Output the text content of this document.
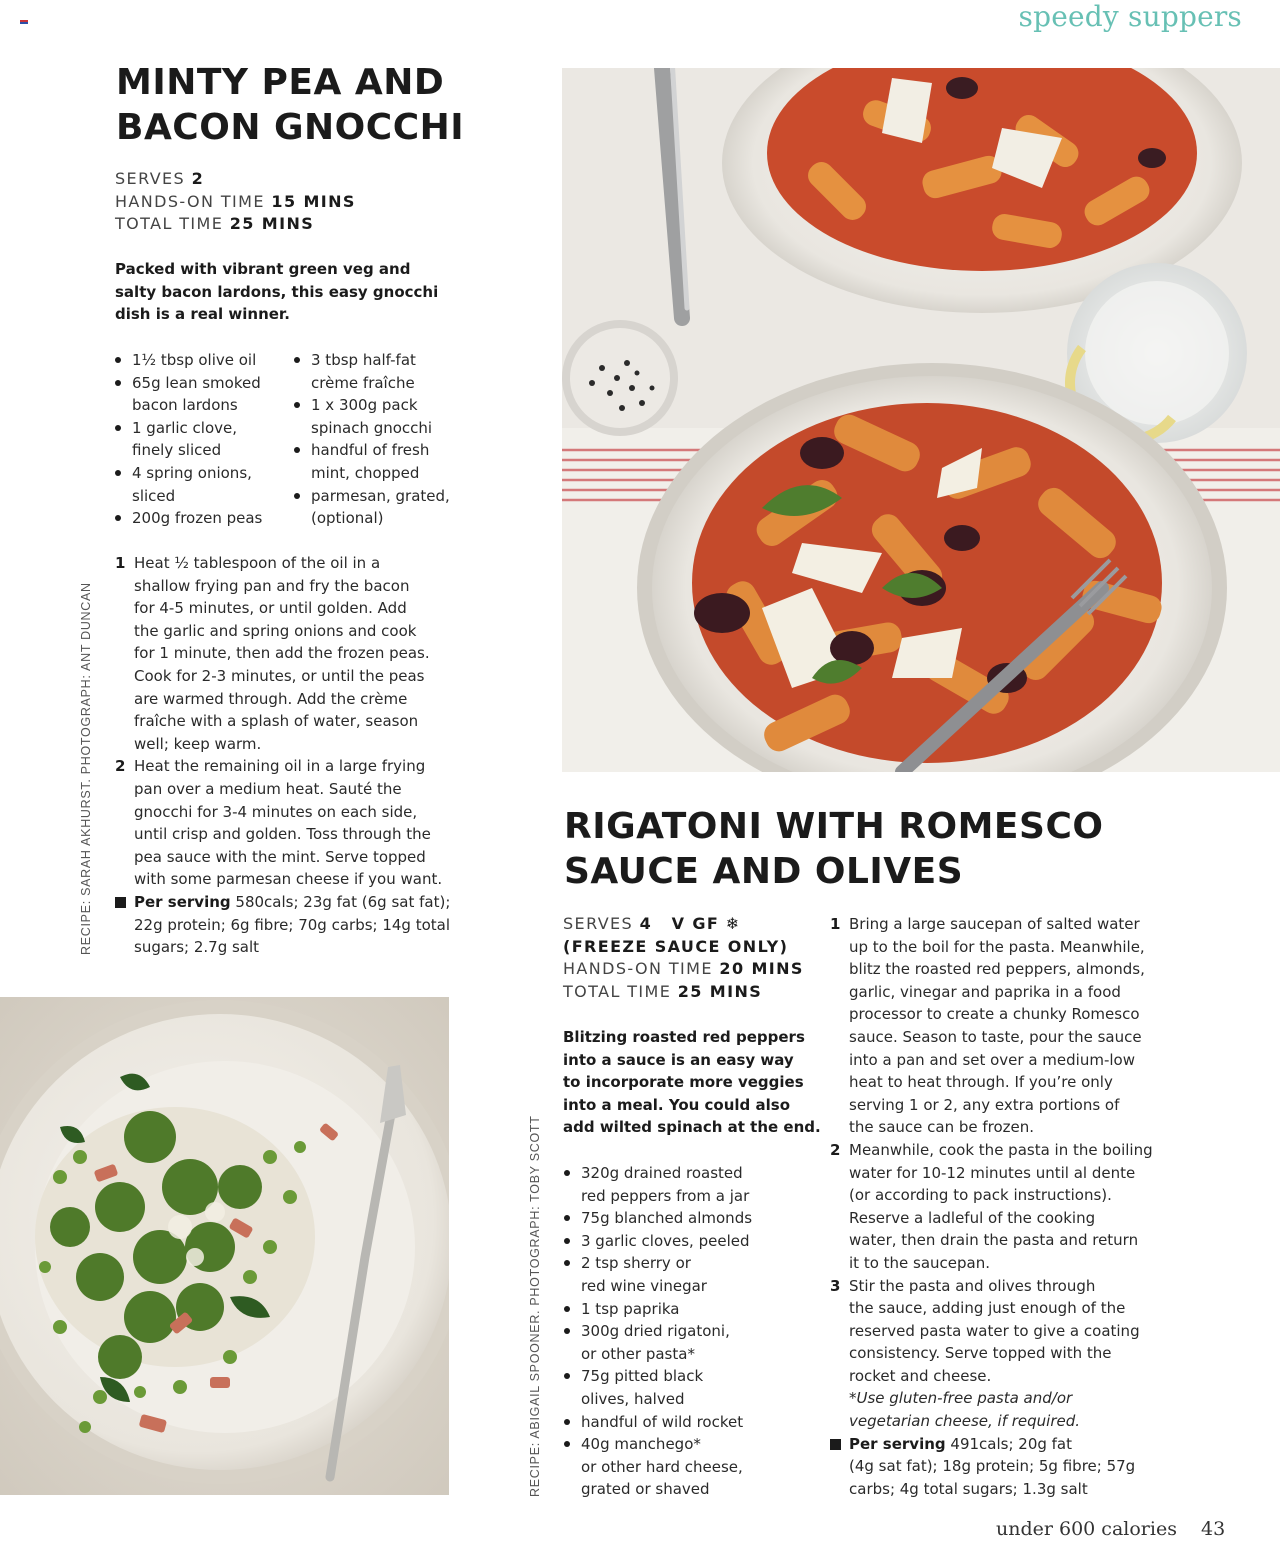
speedy suppers
MINTY PEA AND
BACON GNOCCHI
SERVES 2
HANDS-ON TIME 15 MINS
TOTAL TIME 25 MINS
Packed with vibrant green veg and
salty bacon lardons, this easy gnocchi
dish is a real winner.
1½ tbsp olive oil
65g lean smoked
bacon lardons
1 garlic clove,
finely sliced
4 spring onions,
sliced
200g frozen peas
3 tbsp half-fat
crème fraîche
1 x 300g pack
spinach gnocchi
handful of fresh
mint, chopped
parmesan, grated,
(optional)
1 Heat ½ tablespoon of the oil in a
shallow frying pan and fry the bacon
for 4-5 minutes, or until golden. Add
the garlic and spring onions and cook
for 1 minute, then add the frozen peas.
Cook for 2-3 minutes, or until the peas
are warmed through. Add the crème
fraîche with a splash of water, season
well; keep warm.
2 Heat the remaining oil in a large frying
pan over a medium heat. Sauté the
gnocchi for 3-4 minutes on each side,
until crisp and golden. Toss through the
pea sauce with the mint. Serve topped
with some parmesan cheese if you want.
Per serving 580cals; 23g fat (6g sat fat);
22g protein; 6g fibre; 70g carbs; 14g total
sugars; 2.7g salt
RECIPE: SARAH AKHURST. PHOTOGRAPH: ANT DUNCAN	RIGATONI WITH ROMESCO
SAUCE AND OLIVES
SERVES 4 V GF ❄
(FREEZE SAUCE ONLY)
HANDS-ON TIME 20 MINS
TOTAL TIME 25 MINS
Blitzing roasted red peppers
into a sauce is an easy way
to incorporate more veggies
into a meal. You could also
add wilted spinach at the end.
320g drained roasted
red peppers from a jar
75g blanched almonds
3 garlic cloves, peeled
2 tsp sherry or
red wine vinegar
1 tsp paprika
300g dried rigatoni,
or other pasta*
75g pitted black
olives, halved
handful of wild rocket
40g manchego*
or other hard cheese,
grated or shaved
1 Bring a large saucepan of salted water
up to the boil for the pasta. Meanwhile,
blitz the roasted red peppers, almonds,
garlic, vinegar and paprika in a food
processor to create a chunky Romesco
sauce. Season to taste, pour the sauce
into a pan and set over a medium-low
heat to heat through. If you’re only
serving 1 or 2, any extra portions of
the sauce can be frozen.
2 Meanwhile, cook the pasta in the boiling
water for 10-12 minutes until al dente
(or according to pack instructions).
Reserve a ladleful of the cooking
water, then drain the pasta and return
it to the saucepan.
3 Stir the pasta and olives through
the sauce, adding just enough of the
reserved pasta water to give a coating
consistency. Serve topped with the
rocket and cheese.
*Use gluten-free pasta and/or
vegetarian cheese, if required.
Per serving 491cals; 20g fat
(4g sat fat); 18g protein; 5g fibre; 57g
carbs; 4g total sugars; 1.3g salt
RECIPE: ABIGAIL SPOONER. PHOTOGRAPH: TOBY SCOTT
under 600 calories 43
